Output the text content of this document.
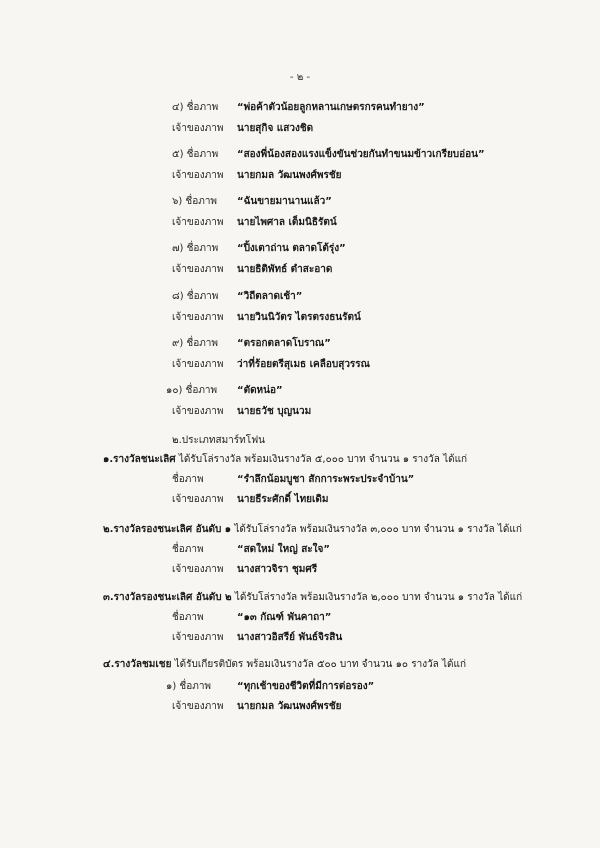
- ๒ -
๔) ชื่อภาพ “พ่อค้าตัวน้อยลูกหลานเกษตรกรคนทำยาง”
เจ้าของภาพ นายสุกิจ แสวงชิด
๕) ชื่อภาพ “สองพี่น้องสองแรงแข็งขันช่วยกันทำขนมข้าวเกรียบอ่อน”
เจ้าของภาพ นายกมล วัฒนพงศ์พรชัย
๖) ชื่อภาพ “ฉันขายมานานแล้ว”
เจ้าของภาพ นายไพศาล เต็มนิธิรัตน์
๗) ชื่อภาพ “ปิ้งเตาถ่าน ตลาดโต้รุ่ง”
เจ้าของภาพ นายธิติพัทธ์ ตำสะอาด
๘) ชื่อภาพ “วิถีตลาดเช้า”
เจ้าของภาพ นายวินนิวัตร ไตรตรงธนรัตน์
๙) ชื่อภาพ “ตรอกตลาดโบราณ”
เจ้าของภาพ ว่าที่ร้อยตรีสุเมธ เคลือบสุวรรณ
๑๐) ชื่อภาพ “ตัดหน่อ”
เจ้าของภาพ นายธวัช บุญนวม
๒.ประเภทสมาร์ทโฟน
๑.รางวัลชนะเลิศ ได้รับโล่รางวัล พร้อมเงินรางวัล ๕,๐๐๐ บาท จำนวน ๑ รางวัล ได้แก่
ชื่อภาพ	“รำลึกน้อมบูชา สักการะพระประจำบ้าน”
เจ้าของภาพ นายธีระศักดิ์ ไทยเดิม
๒.รางวัลรองชนะเลิศ อันดับ ๑ ได้รับโล่รางวัล พร้อมเงินรางวัล ๓,๐๐๐ บาท จำนวน ๑ รางวัล ได้แก่
ชื่อภาพ	“สดใหม่ ใหญ่ สะใจ”
เจ้าของภาพ นางสาวจิรา ชุมศรี
๓.รางวัลรองชนะเลิศ อันดับ ๒ ได้รับโล่รางวัล พร้อมเงินรางวัล ๒,๐๐๐ บาท จำนวน ๑ รางวัล ได้แก่
ชื่อภาพ	“๑๓ กัณฑ์ พันคาถา”
เจ้าของภาพ นางสาวอิสรีย์ พันธ์จิรสิน
๔.รางวัลชมเชย ได้รับเกียรติบัตร พร้อมเงินรางวัล ๕๐๐ บาท จำนวน ๑๐ รางวัล ได้แก่
๑) ชื่อภาพ	“ทุกเช้าของชีวิตที่มีการต่อรอง”
เจ้าของภาพ นายกมล วัฒนพงศ์พรชัย
